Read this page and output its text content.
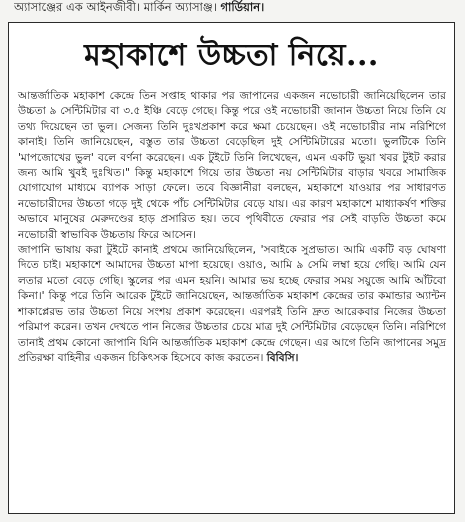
অ্যাসাঞ্জের এক আইনজীবী। মার্কিন অ্যাসাঞ্জ। গার্ডিয়ান।
মহাকাশে উচ্চতা নিয়ে...

আন্তর্জাতিক মহাকাশ কেন্দ্রে তিন সপ্তাহ থাকার পর জাপানের একজন নভোচারী জানিয়েছিলেন তার উচ্চতা ৯ সেন্টিমিটার বা ৩.৫ ইঞ্চি বেড়ে গেছে। কিন্তু পরে ওই নভোচারী জানান উচ্চতা নিয়ে তিনি যে তথ্য দিয়েছেন তা ভুল। সেজন্য তিনি দুঃখপ্রকাশ করে ক্ষমা চেয়েছেন। ওই নভোচারীর নাম নরিশিগে কানাই। তিনি জানিয়েছেন, বস্তুত তার উচ্চতা বেড়েছিল দুই সেন্টিমিটারের মতো। ভুলটিকে তিনি 'মাপজোখের ভুল' বলে বর্ণনা করেছেন। এক টুইটে তিনি লিখেছেন, এমন একটি ভুয়া খবর টুইট করার জন্য আমি খুবই দুঃখিত।" কিন্তু মহাকাশে গিয়ে তার উচ্চতা নয় সেন্টিমিটার বাড়ার খবরে সামাজিক যোগাযোগ মাধ্যমে ব্যাপক সাড়া ফেলে। তবে বিজ্ঞানীরা বলছেন, মহাকাশে যাওয়ার পর সাধারণত নভোচারীদের উচ্চতা গড়ে দুই থেকে পাঁচ সেন্টিমিটার বেড়ে যায়। এর কারণ মহাকাশে মাধ্যাকর্ষণ শক্তির অভাবে মানুষের মেরুদণ্ডের হাড় প্রসারিত হয়। তবে পৃথিবীতে ফেরার পর সেই বাড়তি উচ্চতা কমে নভোচারী স্বাভাবিক উচ্চতায় ফিরে আসেন।

জাপানি ভাষায় করা টুইটে কানাই প্রথমে জানিয়েছিলেন, 'সবাইকে সুপ্রভাত। আমি একটি বড় ঘোষণা দিতে চাই। মহাকাশে আমাদের উচ্চতা মাপা হয়েছে। ওয়াও, আমি ৯ সেমি লম্বা হয়ে গেছি। আমি যেন লতার মতো বেড়ে গেছি। স্কুলের পর এমন হয়নি। আমার ভয় হচ্ছে ফেরার সময় সয়ুজে আমি আঁটবো কিনা।' কিন্তু পরে তিনি আরেক টুইটে জানিয়েছেন, আন্তর্জাতিক মহাকাশ কেন্দ্রের তার কমান্ডার অ্যান্টন শাকাপ্লেরভ তার উচ্চতা নিয়ে সংশয় প্রকাশ করেছেন। এরপরই তিনি দ্রুত আরেকবার নিজের উচ্চতা পরিমাপ করেন। তখন দেখতে পান নিজের উচ্চতার চেয়ে মাত্র দুই সেন্টিমিটার বেড়েছেন তিনি। নরিশিগে তানাই প্রথম কোনো জাপানি যিনি আন্তর্জাতিক মহাকাশ কেন্দ্রে গেছেন। এর আগে তিনি জাপানের সমুদ্র প্রতিরক্ষা বাহিনীর একজন চিকিৎসক হিসেবে কাজ করতেন। বিবিসি।
